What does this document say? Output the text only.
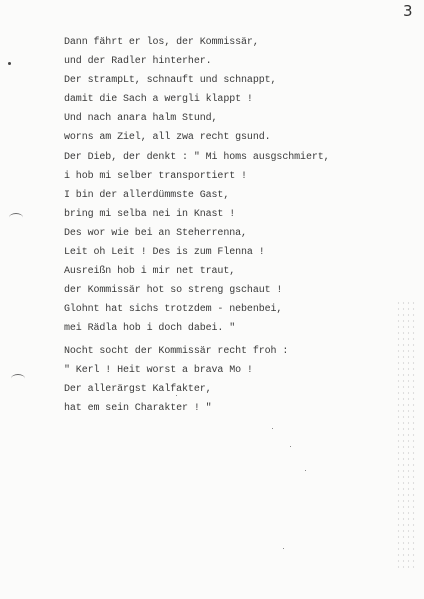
3
Dann fährt er los, der Kommissär,
und der Radler hinterher.
Der strampLt, schnauft und schnappt,
damit die Sach a wergli klappt !
Und nach anara halm Stund,
worns am Ziel, all zwa recht gsund.
Der Dieb, der denkt : " Mi homs ausgschmiert,
i hob mi selber transportiert !
I bin der allerdümmste Gast,
bring mi selba nei in Knast !
Des wor wie bei an Steherrenna,
Leit oh Leit ! Des is zum Flenna !
Ausreißn hob i mir net traut,
der Kommissär hot so streng gschaut !
Glohnt hat sichs trotzdem - nebenbei,
mei Rädla hob i doch dabei. "
Nocht socht der Kommissär recht froh :
" Kerl ! Heit worst a brava Mo !
Der allerärgst Kalfakter,
hat em sein Charakter ! "
